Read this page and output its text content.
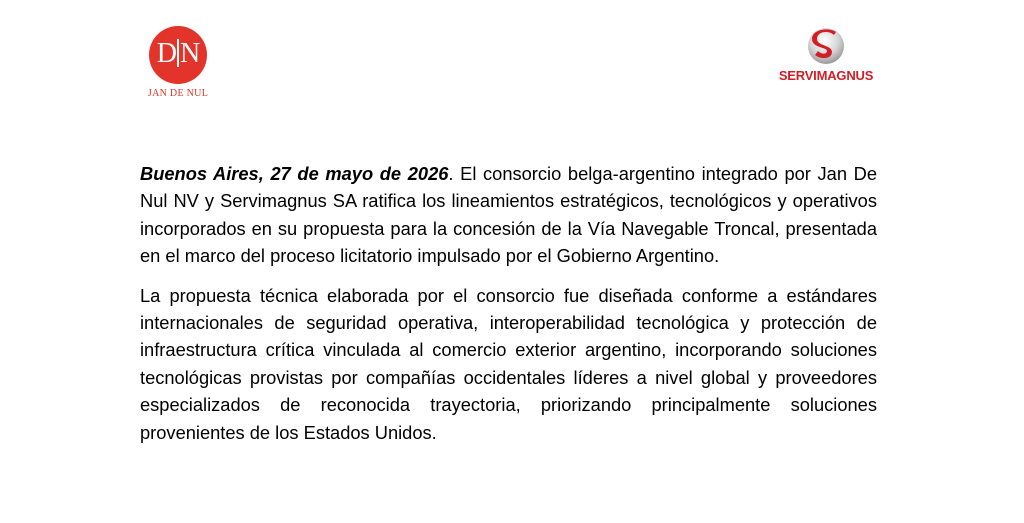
D N
JAN DE NUL
SERVIMAGNUS

Buenos Aires, 27 de mayo de 2026. El consorcio belga-argentino integrado por Jan De Nul NV y Servimagnus SA ratifica los lineamientos estratégicos, tecnológicos y operativos incorporados en su propuesta para la concesión de la Vía Navegable Troncal, presentada en el marco del proceso licitatorio impulsado por el Gobierno Argentino.

La propuesta técnica elaborada por el consorcio fue diseñada conforme a estándares internacionales de seguridad operativa, interoperabilidad tecnológica y protección de infraestructura crítica vinculada al comercio exterior argentino, incorporando soluciones tecnológicas provistas por compañías occidentales líderes a nivel global y proveedores especializados de reconocida trayectoria, priorizando principalmente soluciones provenientes de los Estados Unidos.
